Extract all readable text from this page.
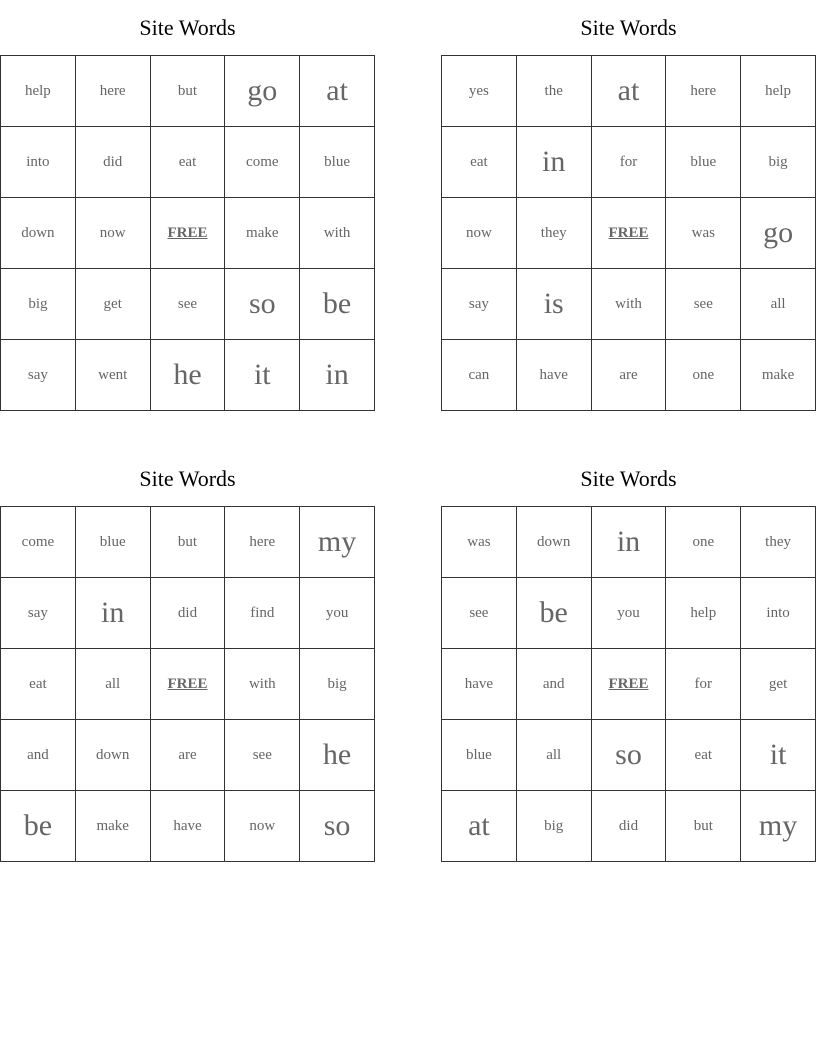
Site Words
help	here	but	go	at
into	did	eat	come	blue
down	now	FREE	make	with
big	get	see	so	be
say	went	he	it	in
Site Words
yes	the	at	here	help
eat	in	for	blue	big
now	they	FREE	was	go
say	is	with	see	all
can	have	are	one	make
Site Words
come	blue	but	here	my
say	in	did	find	you
eat	all	FREE	with	big
and	down	are	see	he
be	make	have	now	so
Site Words
was	down	in	one	they
see	be	you	help	into
have	and	FREE	for	get
blue	all	so	eat	it
at	big	did	but	my
